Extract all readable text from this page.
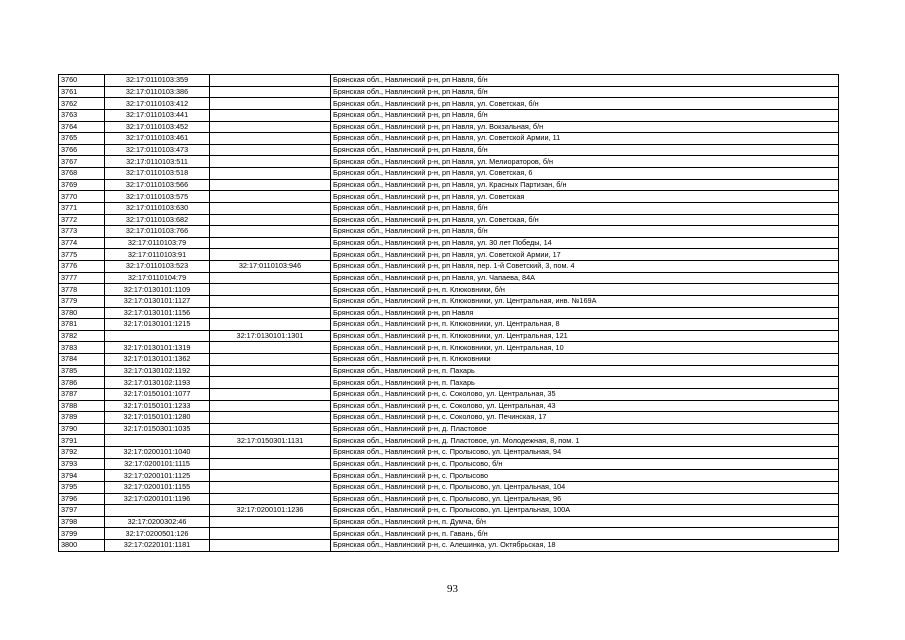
3760	32:17:0110103:359		Брянская обл., Навлинский р-н, рп Навля, б/н
3761	32:17:0110103:386		Брянская обл., Навлинский р-н, рп Навля, б/н
3762	32:17:0110103:412		Брянская обл., Навлинский р-н, рп Навля, ул. Советская, б/н
3763	32:17:0110103:441		Брянская обл., Навлинский р-н, рп Навля, б/н
3764	32:17:0110103:452		Брянская обл., Навлинский р-н, рп Навля, ул. Вокзальная, б/н
3765	32:17:0110103:461		Брянская обл., Навлинский р-н, рп Навля, ул. Советской Армии, 11
3766	32:17:0110103:473		Брянская обл., Навлинский р-н, рп Навля, б/н
3767	32:17:0110103:511		Брянская обл., Навлинский р-н, рп Навля, ул. Мелиораторов, б/н
3768	32:17:0110103:518		Брянская обл., Навлинский р-н, рп Навля, ул. Советская, 6
3769	32:17:0110103:566		Брянская обл., Навлинский р-н, рп Навля, ул. Красных Партизан, б/н
3770	32:17:0110103:575		Брянская обл., Навлинский р-н, рп Навля, ул. Советская
3771	32:17:0110103:630		Брянская обл., Навлинский р-н, рп Навля, б/н
3772	32:17:0110103:682		Брянская обл., Навлинский р-н, рп Навля, ул. Советская, б/н
3773	32:17:0110103:766		Брянская обл., Навлинский р-н, рп Навля, б/н
3774	32:17:0110103:79		Брянская обл., Навлинский р-н, рп Навля, ул. 30 лет Победы, 14
3775	32:17:0110103:91		Брянская обл., Навлинский р-н, рп Навля, ул. Советской Армии, 17
3776	32:17:0110103:523	32:17:0110103:946	Брянская обл., Навлинский р-н, рп Навля, пер. 1-й Советский, 3, пом. 4
3777	32:17:0110104:79		Брянская обл., Навлинский р-н, рп Навля, ул. Чапаева, 84А
3778	32:17:0130101:1109		Брянская обл., Навлинский р-н, п. Клюковники, б/н
3779	32:17:0130101:1127		Брянская обл., Навлинский р-н, п. Клюковники, ул. Центральная, инв. №169А
3780	32:17:0130101:1156		Брянская обл., Навлинский р-н, рп Навля
3781	32:17:0130101:1215		Брянская обл., Навлинский р-н, п. Клюковники, ул. Центральная, 8
3782		32:17:0130101:1301	Брянская обл., Навлинский р-н, п. Клюковники, ул. Центральная, 121
3783	32:17:0130101:1319		Брянская обл., Навлинский р-н, п. Клюковники, ул. Центральная, 10
3784	32:17:0130101:1362		Брянская обл., Навлинский р-н, п. Клюковники
3785	32:17:0130102:1192		Брянская обл., Навлинский р-н, п. Пахарь
3786	32:17:0130102:1193		Брянская обл., Навлинский р-н, п. Пахарь
3787	32:17:0150101:1077		Брянская обл., Навлинский р-н, с. Соколово, ул. Центральная, 35
3788	32:17:0150101:1233		Брянская обл., Навлинский р-н, с. Соколово, ул. Центральная, 43
3789	32:17:0150101:1280		Брянская обл., Навлинский р-н, с. Соколово, ул. Печинская, 17
3790	32:17:0150301:1035		Брянская обл., Навлинский р-н, д. Пластовое
3791		32:17:0150301:1131	Брянская обл., Навлинский р-н, д. Пластовое, ул. Молодежная, 8, пом. 1
3792	32:17:0200101:1040		Брянская обл., Навлинский р-н, с. Пролысово, ул. Центральная, 94
3793	32:17:0200101:1115		Брянская обл., Навлинский р-н, с. Пролысово, б/н
3794	32:17:0200101:1125		Брянская обл., Навлинский р-н, с. Пролысово
3795	32:17:0200101:1155		Брянская обл., Навлинский р-н, с. Пролысово, ул. Центральная, 104
3796	32:17:0200101:1196		Брянская обл., Навлинский р-н, с. Пролысово, ул. Центральная, 96
3797		32:17:0200101:1236	Брянская обл., Навлинский р-н, с. Пролысово, ул. Центральная, 100А
3798	32:17:0200302:46		Брянская обл., Навлинский р-н, п. Думча, б/н
3799	32:17:0200501:126		Брянская обл., Навлинский р-н, п. Гавань, б/н
3800	32:17:0220101:1181		Брянская обл., Навлинский р-н, с. Алешинка, ул. Октябрьская, 18
93
